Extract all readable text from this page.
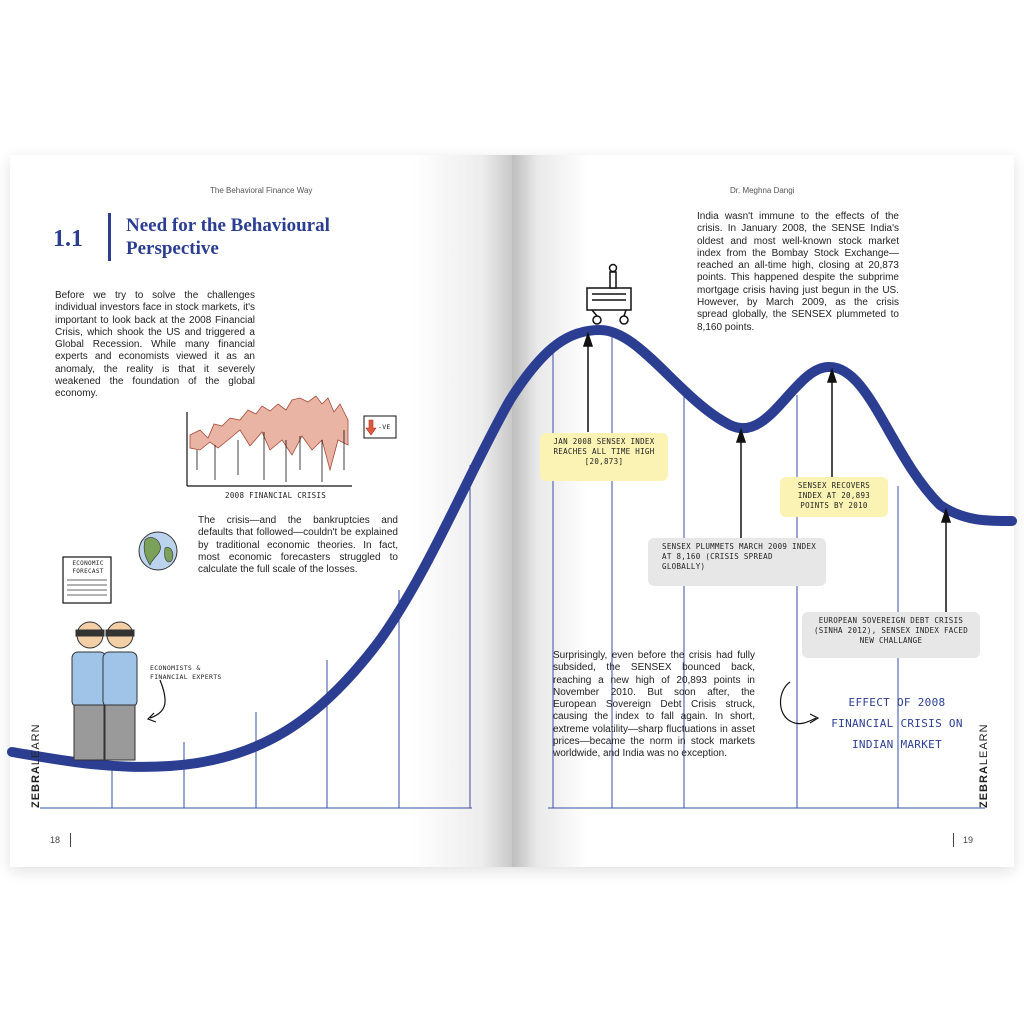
The Behavioral Finance Way	Dr. Meghna Dangi
1.1
Need for the Behavioural Perspective

Before we try to solve the challenges individual investors face in stock markets, it's important to look back at the 2008 Financial Crisis, which shook the US and triggered a Global Recession. While many financial experts and economists viewed it as an anomaly, the reality is that it severely weakened the foundation of the global economy.

The crisis—and the bankruptcies and defaults that followed—couldn't be explained by traditional economic theories. In fact, most economic forecasters struggled to calculate the full scale of the losses.

India wasn't immune to the effects of the crisis. In January 2008, the SENSE India's oldest and most well-known stock market index from the Bombay Stock Exchange—reached an all-time high, closing at 20,873 points. This happened despite the subprime mortgage crisis having just begun in the US. However, by March 2009, as the crisis spread globally, the SENSEX plummeted to 8,160 points.

Surprisingly, even before the crisis had fully subsided, the SENSEX bounced back, reaching a new high of 20,893 points in November 2010. But soon after, the European Sovereign Debt Crisis struck, causing the index to fall again. In short, extreme volatility—sharp fluctuations in asset prices—became the norm in stock markets worldwide, and India was no exception.

2008 FINANCIAL CRISIS
-VE
ECONOMIC FORECAST
ECONOMISTS & FINANCIAL EXPERTS
JAN 2008 SENSEX INDEX REACHES ALL TIME HIGH [20,873]
SENSEX PLUMMETS MARCH 2009 INDEX AT 8,160 (CRISIS SPREAD GLOBALLY)
SENSEX RECOVERS INDEX AT 20,893 POINTS BY 2010
EUROPEAN SOVEREIGN DEBT CRISIS (SINHA 2012), SENSEX INDEX FACED NEW CHALLANGE
EFFECT OF 2008 FINANCIAL CRISIS ON INDIAN MARKET
18	19
ZEBRALEARN
ZEBRALEARN
